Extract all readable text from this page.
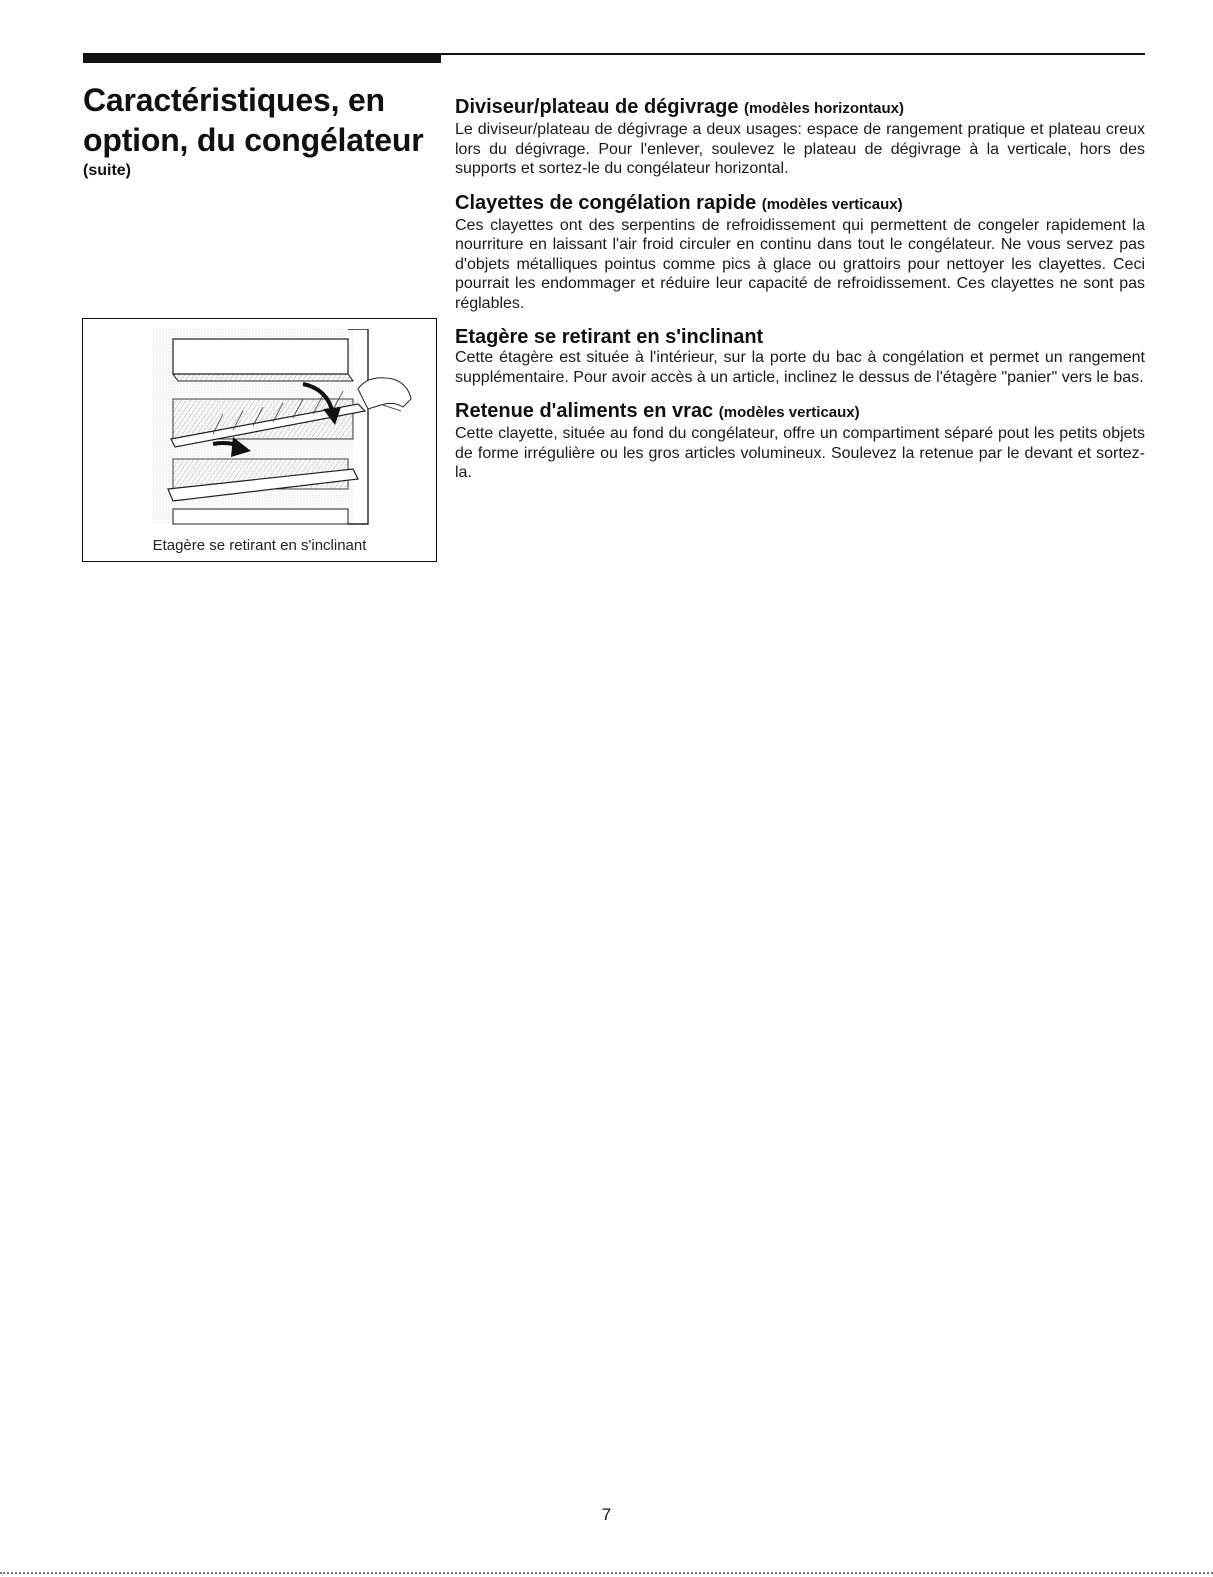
Caractéristiques, en
option, du congélateur
(suite)
Etagère se retirant en s'inclinant
Diviseur/plateau de dégivrage (modèles horizontaux)

Le diviseur/plateau de dégivrage a deux usages: espace de rangement pratique et plateau creux lors du dégivrage. Pour l'enlever, soulevez le plateau de dégivrage à la verticale, hors des supports et sortez-le du congélateur horizontal.

Clayettes de congélation rapide (modèles verticaux)

Ces clayettes ont des serpentins de refroidissement qui permettent de congeler rapidement la nourriture en laissant l'air froid circuler en continu dans tout le congélateur. Ne vous servez pas d'objets métalliques pointus comme pics à glace ou grattoirs pour nettoyer les clayettes. Ceci pourrait les endommager et réduire leur capacité de refroidissement. Ces clayettes ne sont pas réglables.

Etagère se retirant en s'inclinant

Cette étagère est située à l'intérieur, sur la porte du bac à congélation et permet un rangement supplémentaire. Pour avoir accès à un article, inclinez le dessus de l'étagère "panier" vers le bas.

Retenue d'aliments en vrac (modèles verticaux)

Cette clayette, située au fond du congélateur, offre un compartiment séparé pout les petits objets de forme irrégulière ou les gros articles volumineux. Soulevez la retenue par le devant et sortez-la.

7
